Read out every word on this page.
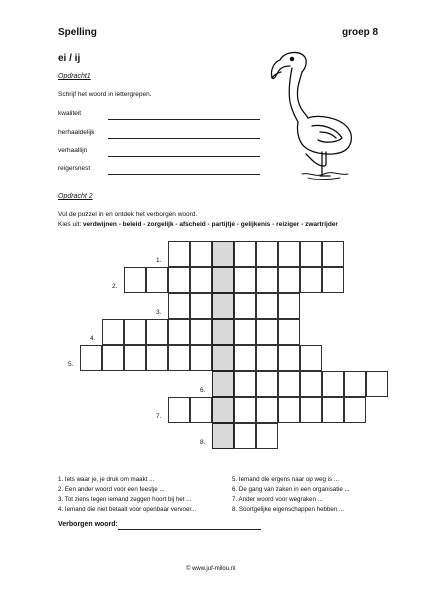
Spelling	groep 8
ei / ij
Opdracht1
Schrijf het woord in lettergrepen.
kwaliteit
herhaaldelijk
verhaallijn
reigersnest
Opdracht 2
Vul de puzzel in en ontdek het verborgen woord.
Kies uit: verdwijnen - beleid - zorgelijk - afscheid - partijtje - gelijkenis - reiziger - zwartrijder
1.
2.
3.
4.
5.
6.
7.
8.
1. Iets waar je, je druk om maakt ...
2. Een ander woord voor een feestje ...
3. Tot ziens tegen iemand zeggen hoort bij het ...
4. Iemand die niet betaalt voor openbaar vervoer...
5. Iemand die ergens naar op weg is ...
6. De gang van zaken in een organisatie ...
7. Ander woord voor wegraken ...
8. Soortgelijke eigenschappen hebben ...
Verborgen woord:
© www.juf-milou.nl
